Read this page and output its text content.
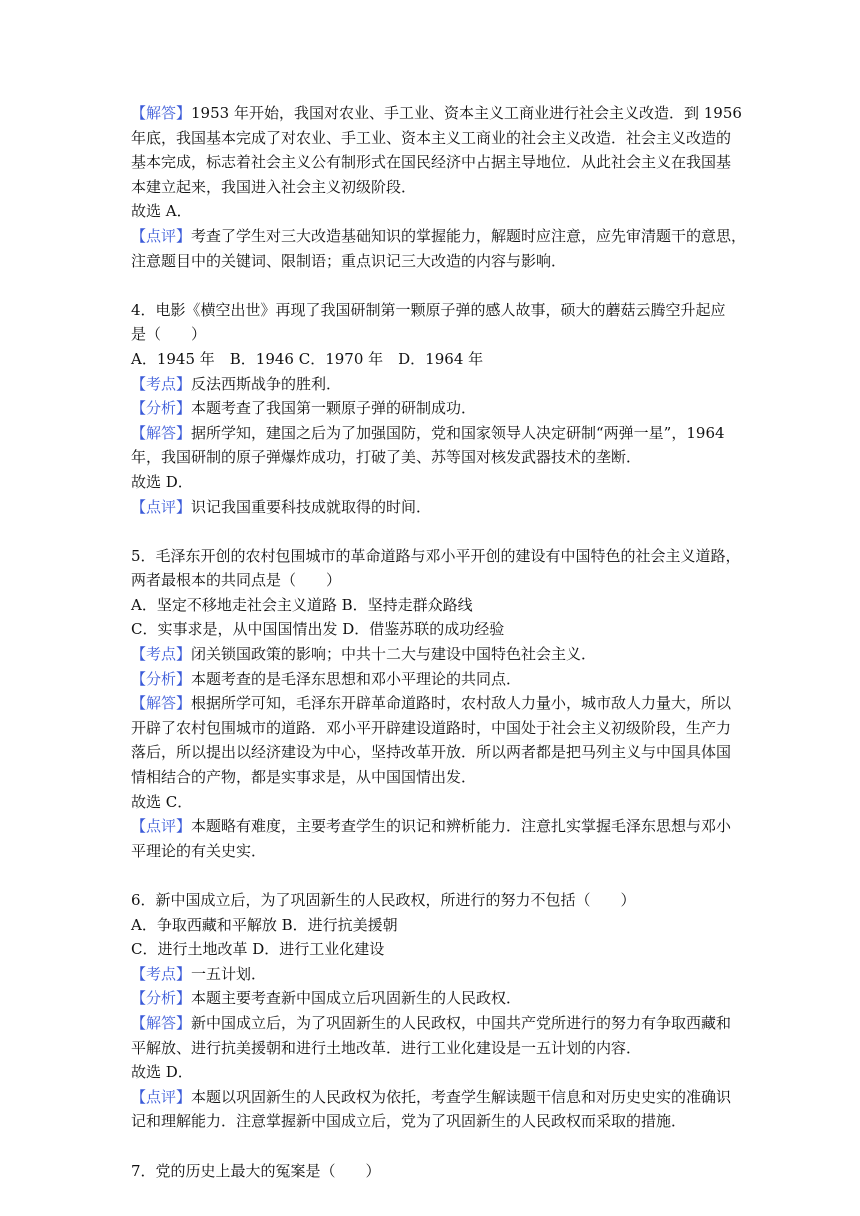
【解答】1953 年开始，我国对农业、手工业、资本主义工商业进行社会主义改造．到 1956
年底，我国基本完成了对农业、手工业、资本主义工商业的社会主义改造．社会主义改造的
基本完成，标志着社会主义公有制形式在国民经济中占据主导地位．从此社会主义在我国基
本建立起来，我国进入社会主义初级阶段．
故选 A．
【点评】考查了学生对三大改造基础知识的掌握能力，解题时应注意，应先审清题干的意思，
注意题目中的关键词、限制语；重点识记三大改造的内容与影响．
4．电影《横空出世》再现了我国研制第一颗原子弹的感人故事，硕大的蘑菇云腾空升起应
是（　　）
A．1945 年　B．1946 C．1970 年　D．1964 年
【考点】反法西斯战争的胜利．
【分析】本题考查了我国第一颗原子弹的研制成功．
【解答】据所学知，建国之后为了加强国防，党和国家领导人决定研制“两弹一星”，1964
年，我国研制的原子弹爆炸成功，打破了美、苏等国对核发武器技术的垄断．
故选 D．
【点评】识记我国重要科技成就取得的时间．
5．毛泽东开创的农村包围城市的革命道路与邓小平开创的建设有中国特色的社会主义道路，
两者最根本的共同点是（　　）
A．坚定不移地走社会主义道路 B．坚持走群众路线
C．实事求是，从中国国情出发 D．借鉴苏联的成功经验
【考点】闭关锁国政策的影响；中共十二大与建设中国特色社会主义．
【分析】本题考查的是毛泽东思想和邓小平理论的共同点．
【解答】根据所学可知，毛泽东开辟革命道路时，农村敌人力量小，城市敌人力量大，所以
开辟了农村包围城市的道路．邓小平开辟建设道路时，中国处于社会主义初级阶段，生产力
落后，所以提出以经济建设为中心，坚持改革开放．所以两者都是把马列主义与中国具体国
情相结合的产物，都是实事求是，从中国国情出发．
故选 C．
【点评】本题略有难度，主要考查学生的识记和辨析能力．注意扎实掌握毛泽东思想与邓小
平理论的有关史实．
6．新中国成立后，为了巩固新生的人民政权，所进行的努力不包括（　　）
A．争取西藏和平解放 B．进行抗美援朝
C．进行土地改革 D．进行工业化建设
【考点】一五计划．
【分析】本题主要考查新中国成立后巩固新生的人民政权．
【解答】新中国成立后，为了巩固新生的人民政权，中国共产党所进行的努力有争取西藏和
平解放、进行抗美援朝和进行土地改革．进行工业化建设是一五计划的内容．
故选 D．
【点评】本题以巩固新生的人民政权为依托，考查学生解读题干信息和对历史史实的准确识
记和理解能力．注意掌握新中国成立后，党为了巩固新生的人民政权而采取的措施．
7．党的历史上最大的冤案是（　　）
